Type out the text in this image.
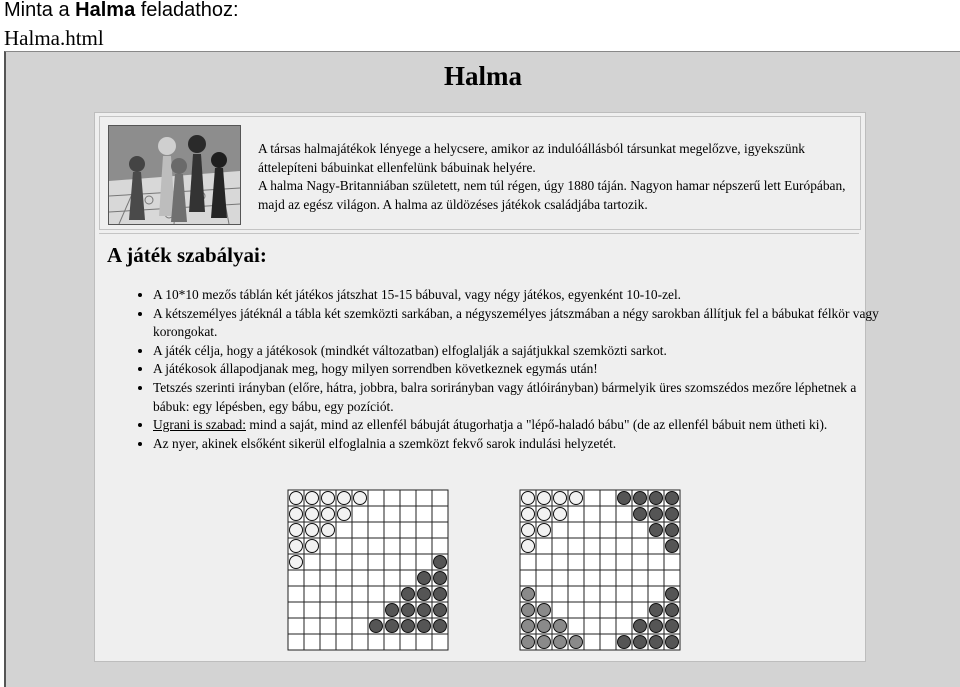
Minta a Halma feladathoz:
Halma.html
Halma

A társas halmajátékok lényege a helycsere, amikor az indulóállásból társunkat megelőzve, igyekszünk áttelepíteni bábuinkat ellenfelünk bábuinak helyére.

A halma Nagy-Britanniában született, nem túl régen, úgy 1880 táján. Nagyon hamar népszerű lett Európában, majd az egész világon. A halma az üldözéses játékok családjába tartozik.

A játék szabályai:
• A 10*10 mezős táblán két játékos játszhat 15-15 bábuval, vagy négy játékos, egyenként 10-10-zel.
• A kétszemélyes játéknál a tábla két szemközti sarkában, a négyszemélyes játszmában a négy sarokban állítjuk fel a bábukat félkör vagy korongokat.
• A játék célja, hogy a játékosok (mindkét változatban) elfoglalják a sajátjukkal szemközti sarkot.
• A játékosok állapodjanak meg, hogy milyen sorrendben következnek egymás után!
• Tetszés szerinti irányban (előre, hátra, jobbra, balra sorirányban vagy átlóirányban) bármelyik üres szomszédos mezőre léphetnek a bábuk: egy lépésben, egy bábu, egy pozíciót.
• Ugrani is szabad: mind a saját, mind az ellenfél bábuját átugorhatja a "lépő-haladó bábu" (de az ellenfél bábuit nem ütheti ki).
• Az nyer, akinek elsőként sikerül elfoglalnia a szemközt fekvő sarok indulási helyzetét.
